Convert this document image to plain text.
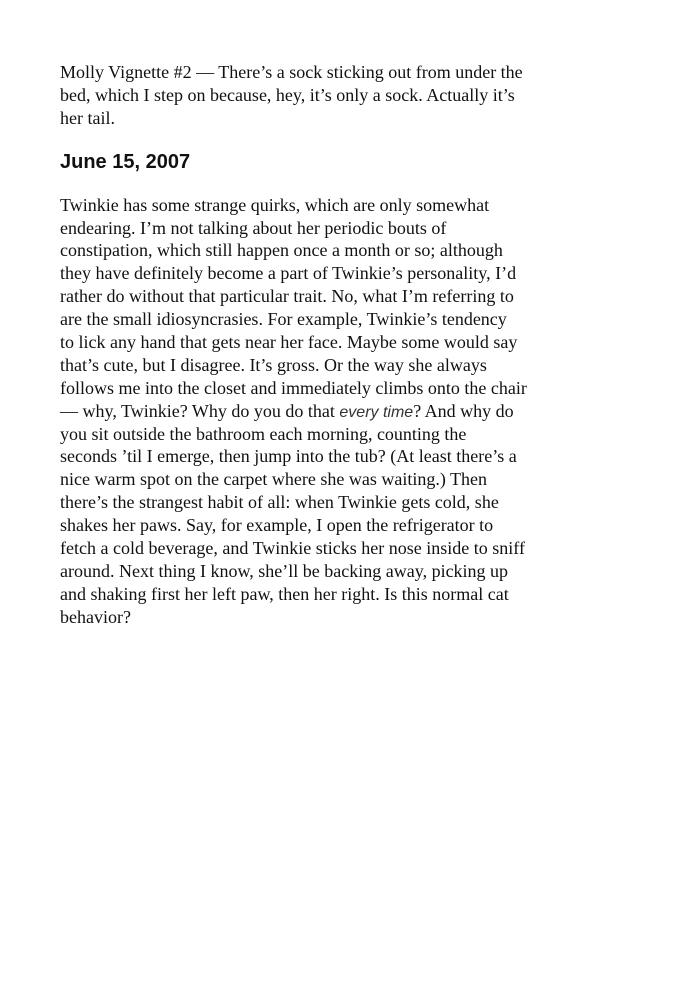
Molly Vignette #2 — There’s a sock sticking out from under the
bed, which I step on because, hey, it’s only a sock. Actually it’s
her tail.

June 15, 2007

Twinkie has some strange quirks, which are only somewhat
endearing. I’m not talking about her periodic bouts of
constipation, which still happen once a month or so; although
they have definitely become a part of Twinkie’s personality, I’d
rather do without that particular trait. No, what I’m referring to
are the small idiosyncrasies. For example, Twinkie’s tendency
to lick any hand that gets near her face. Maybe some would say
that’s cute, but I disagree. It’s gross. Or the way she always
follows me into the closet and immediately climbs onto the chair
— why, Twinkie? Why do you do that every time? And why do
you sit outside the bathroom each morning, counting the
seconds ’til I emerge, then jump into the tub? (At least there’s a
nice warm spot on the carpet where she was waiting.) Then
there’s the strangest habit of all: when Twinkie gets cold, she
shakes her paws. Say, for example, I open the refrigerator to
fetch a cold beverage, and Twinkie sticks her nose inside to sniff
around. Next thing I know, she’ll be backing away, picking up
and shaking first her left paw, then her right. Is this normal cat
behavior?
